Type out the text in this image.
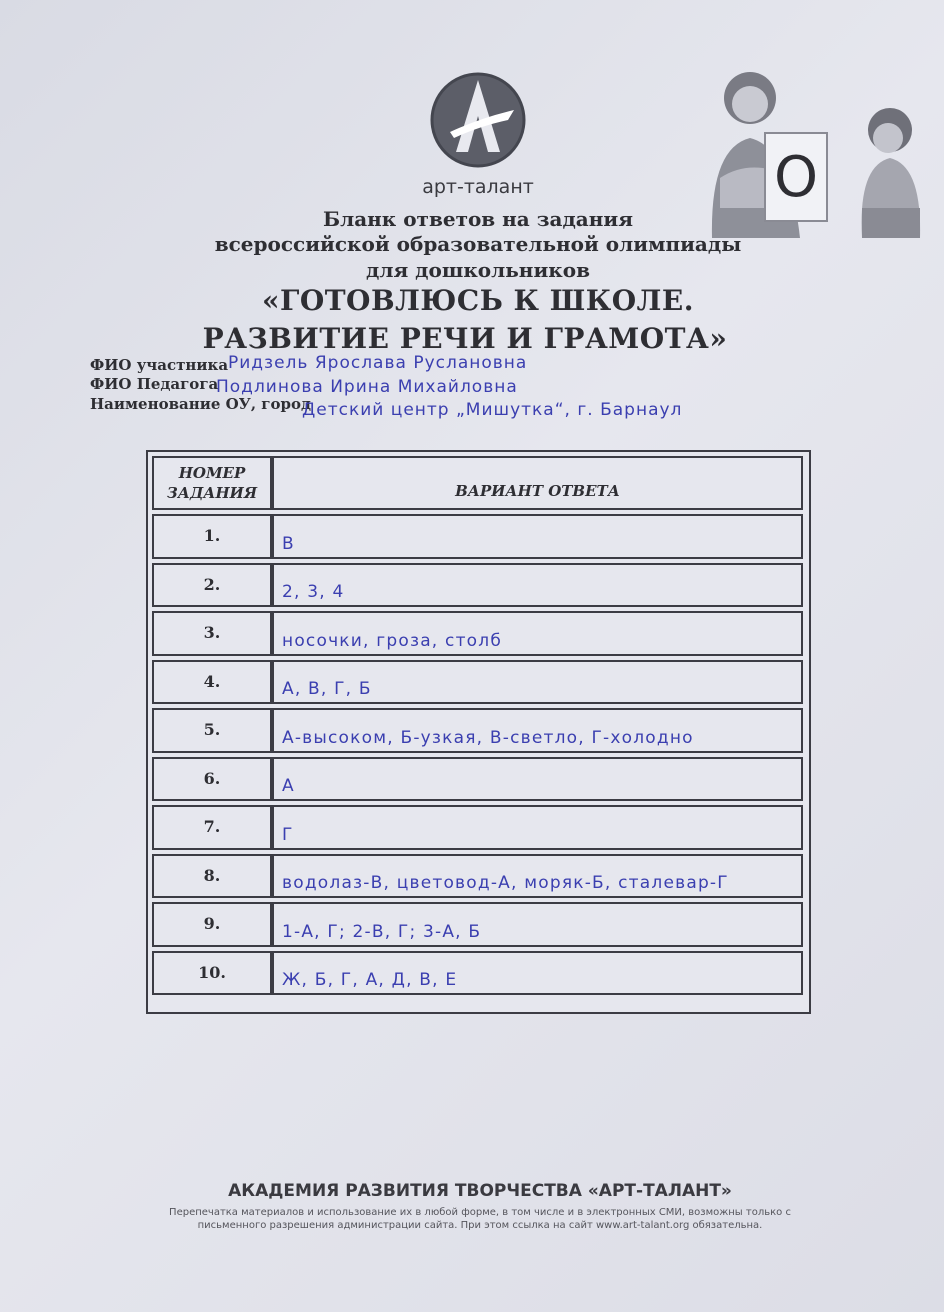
арт-талант	О
Бланк ответов на задания
всероссийской образовательной олимпиады
для дошкольников
«ГОТОВЛЮСЬ К ШКОЛЕ.
РАЗВИТИЕ РЕЧИ И ГРАМОТА»
ФИО участника Ридзель Ярослава Руслановна
ФИО Педагога
Подлинова Ирина Михайловна
Наименование ОУ, город
Детский центр „Мишутка“, г. Барнаул
НОМЕР
ЗАДАНИЯ	ВАРИАНТ ОТВЕТА
1.	В
2.	2, 3, 4
3.	носочки, гроза, столб
4.	А, В, Г, Б
5.	А-высоком, Б-узкая, В-светло, Г-холодно
6.	А
7.	Г
8.	водолаз-В, цветовод-А, моряк-Б, сталевар-Г
9.	1-А, Г; 2-В, Г; 3-А, Б
10.	Ж, Б, Г, А, Д, В, Е
АКАДЕМИЯ РАЗВИТИЯ ТВОРЧЕСТВА «АРТ-ТАЛАНТ»
Перепечатка материалов и использование их в любой форме, в том числе и в электронных СМИ, возможны только с
письменного разрешения администрации сайта. При этом ссылка на сайт www.art-talant.org обязательна.
